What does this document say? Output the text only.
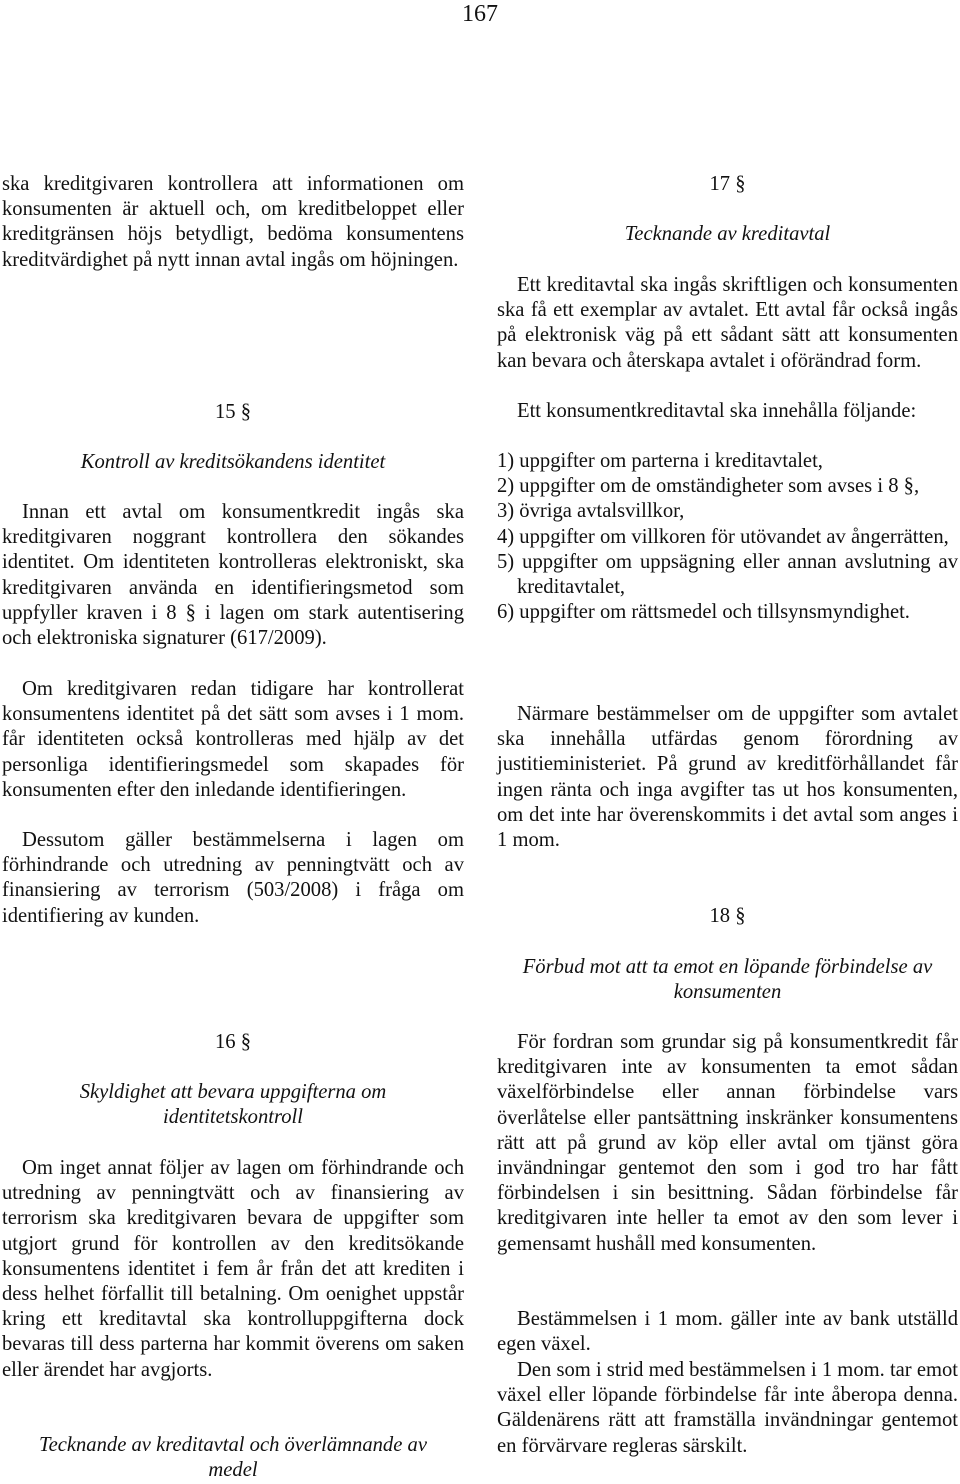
167

ska kreditgivaren kontrollera att informationen om konsumenten är aktuell och, om kreditbeloppet eller kreditgränsen höjs betydligt, bedöma konsumentens kreditvärdighet på nytt innan avtal ingås om höjningen.

15 §
Kontroll av kreditsökandens identitet

Innan ett avtal om konsumentkredit ingås ska kreditgivaren noggrant kontrollera den sökandes identitet. Om identiteten kontrolleras elektroniskt, ska kreditgivaren använda en identifieringsmetod som uppfyller kraven i 8 § i lagen om stark autentisering och elektroniska signaturer (617/2009).

Om kreditgivaren redan tidigare har kontrollerat konsumentens identitet på det sätt som avses i 1 mom. får identiteten också kontrolleras med hjälp av det personliga identifieringsmedel som skapades för konsumenten efter den inledande identifieringen.

Dessutom gäller bestämmelserna i lagen om förhindrande och utredning av penningtvätt och av finansiering av terrorism (503/2008) i fråga om identifiering av kunden.

16 §
Skyldighet att bevara uppgifterna om identitetskontroll

Om inget annat följer av lagen om förhindrande och utredning av penningtvätt och av finansiering av terrorism ska kreditgivaren bevara de uppgifter som utgjort grund för kontrollen av den kreditsökande konsumentens identitet i fem år från det att krediten i dess helhet förfallit till betalning. Om oenighet uppstår kring ett kreditavtal ska kontrolluppgifterna dock bevaras till dess parterna har kommit överens om saken eller ärendet har avgjorts.

Tecknande av kreditavtal och överlämnande av medel
17 §
Tecknande av kreditavtal

Ett kreditavtal ska ingås skriftligen och konsumenten ska få ett exemplar av avtalet. Ett avtal får också ingås på elektronisk väg på ett sådant sätt att konsumenten kan bevara och återskapa avtalet i oförändrad form.

Ett konsumentkreditavtal ska innehålla följande:

1) uppgifter om parterna i kreditavtalet,
2) uppgifter om de omständigheter som avses i 8 §,
3) övriga avtalsvillkor,
4) uppgifter om villkoren för utövandet av ångerrätten,
5) uppgifter om uppsägning eller annan avslutning av kreditavtalet,
6) uppgifter om rättsmedel och tillsynsmyndighet.

Närmare bestämmelser om de uppgifter som avtalet ska innehålla utfärdas genom förordning av justitieministeriet. På grund av kreditförhållandet får ingen ränta och inga avgifter tas ut hos konsumenten, om det inte har överenskommits i det avtal som anges i 1 mom.

18 §
Förbud mot att ta emot en löpande förbindelse av konsumenten

För fordran som grundar sig på konsumentkredit får kreditgivaren inte av konsumenten ta emot sådan växelförbindelse eller annan förbindelse vars överlåtelse eller pantsättning inskränker konsumentens rätt att på grund av köp eller avtal om tjänst göra invändningar gentemot den som i god tro har fått förbindelsen i sin besittning. Sådan förbindelse får kreditgivaren inte heller ta emot av den som lever i gemensamt hushåll med konsumenten.

Bestämmelsen i 1 mom. gäller inte av bank utställd egen växel.

Den som i strid med bestämmelsen i 1 mom. tar emot växel eller löpande förbindelse får inte åberopa denna. Gäldenärens rätt att framställa invändningar gentemot en förvärvare regleras särskilt.
